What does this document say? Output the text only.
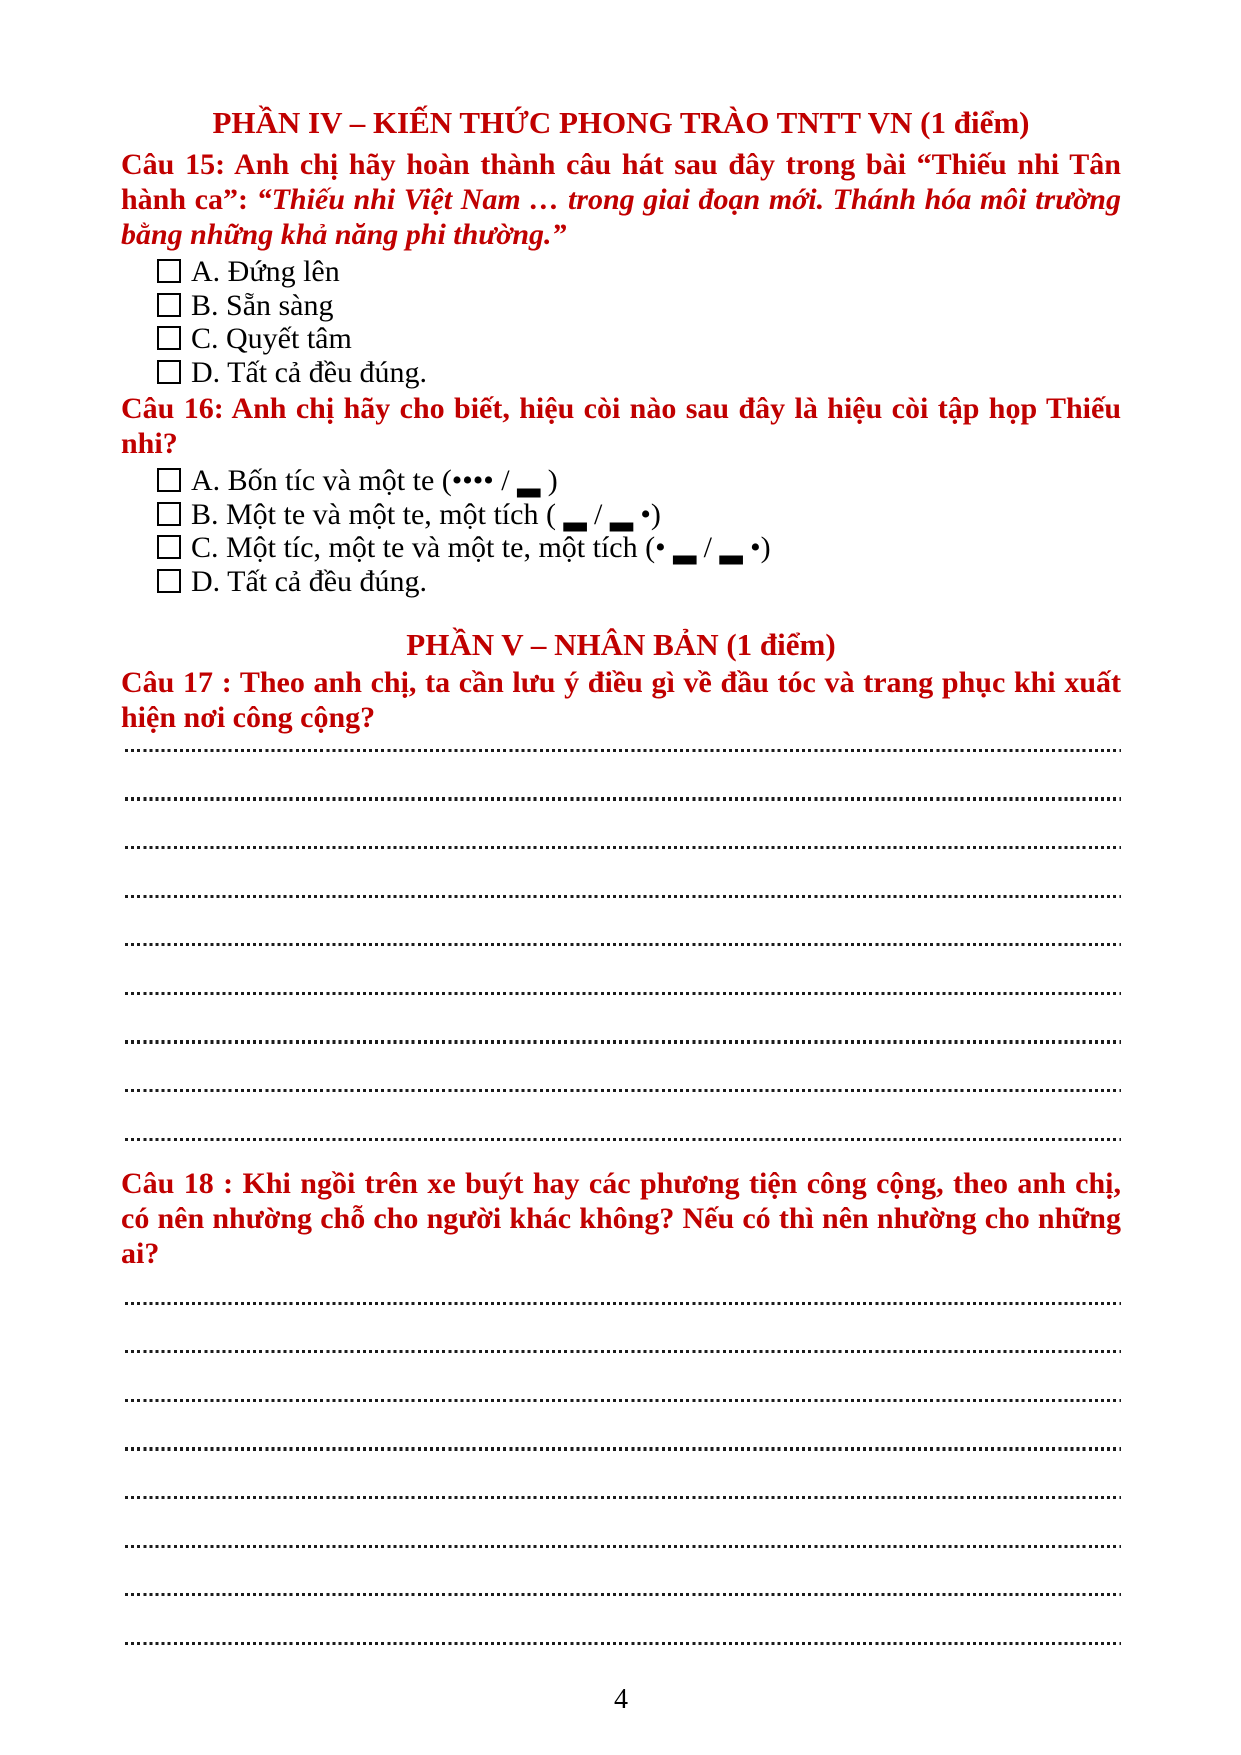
PHẦN IV – KIẾN THỨC PHONG TRÀO TNTT VN (1 điểm)

Câu 15: Anh chị hãy hoàn thành câu hát sau đây trong bài “Thiếu nhi Tân hành ca”: “Thiếu nhi Việt Nam … trong giai đoạn mới. Thánh hóa môi trường bằng những khả năng phi thường.”

A. Đứng lên
B. Sẵn sàng
C. Quyết tâm
D. Tất cả đều đúng.

Câu 16: Anh chị hãy cho biết, hiệu còi nào sau đây là hiệu còi tập họp Thiếu nhi?

A. Bốn tíc và một te (•••• / ▂ )
B. Một te và một te, một tích ( ▂ / ▂ •)
C. Một tíc, một te và một te, một tích (• ▂ / ▂ •)
D. Tất cả đều đúng.
PHẦN V – NHÂN BẢN (1 điểm)

Câu 17 : Theo anh chị, ta cần lưu ý điều gì về đầu tóc và trang phục khi xuất hiện nơi công cộng?

Câu 18 : Khi ngồi trên xe buýt hay các phương tiện công cộng, theo anh chị, có nên nhường chỗ cho người khác không? Nếu có thì nên nhường cho những ai?

4
